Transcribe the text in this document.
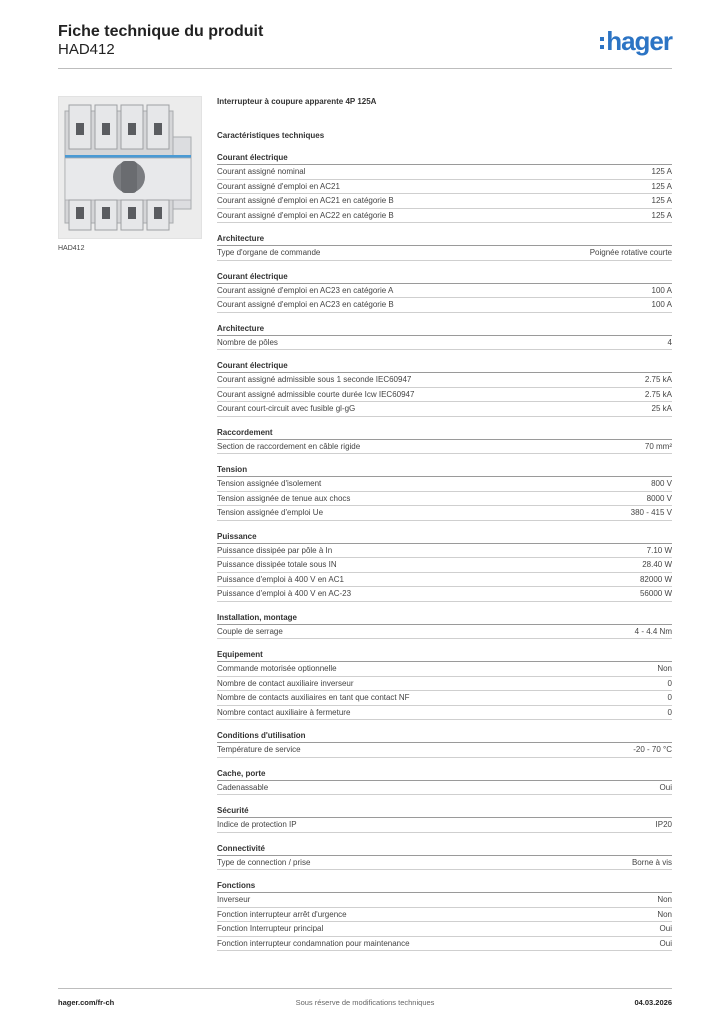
Fiche technique du produit
HAD412	hager
HAD412
Interrupteur à coupure apparente 4P 125A
Caractéristiques techniques
Courant électrique
Courant assigné nominal	125 A
Courant assigné d'emploi en AC21	125 A
Courant assigné d'emploi en AC21 en catégorie B	125 A
Courant assigné d'emploi en AC22 en catégorie B	125 A
Architecture
Type d'organe de commande	Poignée rotative courte
Courant électrique
Courant assigné d'emploi en AC23 en catégorie A	100 A
Courant assigné d'emploi en AC23 en catégorie B	100 A
Architecture
Nombre de pôles	4
Courant électrique
Courant assigné admissible sous 1 seconde IEC60947	2.75 kA
Courant assigné admissible courte durée Icw IEC60947	2.75 kA
Courant court-circuit avec fusible gl-gG	25 kA
Raccordement
Section de raccordement en câble rigide	70 mm²
Tension
Tension assignée d'isolement	800 V
Tension assignée de tenue aux chocs	8000 V
Tension assignée d'emploi Ue	380 - 415 V
Puissance
Puissance dissipée par pôle à In	7.10 W
Puissance dissipée totale sous IN	28.40 W
Puissance d'emploi à 400 V en AC1	82000 W
Puissance d'emploi à 400 V en AC-23	56000 W
Installation, montage
Couple de serrage	4 - 4.4 Nm
Equipement
Commande motorisée optionnelle	Non
Nombre de contact auxiliaire inverseur	0
Nombre de contacts auxiliaires en tant que contact NF	0
Nombre contact auxiliaire à fermeture	0
Conditions d'utilisation
Température de service	-20 - 70 °C
Cache, porte
Cadenassable	Oui
Sécurité
Indice de protection IP	IP20
Connectivité
Type de connection / prise	Borne à vis
Fonctions
Inverseur	Non
Fonction interrupteur arrêt d'urgence	Non
Fonction Interrupteur principal	Oui
Fonction interrupteur condamnation pour maintenance	Oui
hager.com/fr-ch	Sous réserve de modifications techniques	04.03.2026
